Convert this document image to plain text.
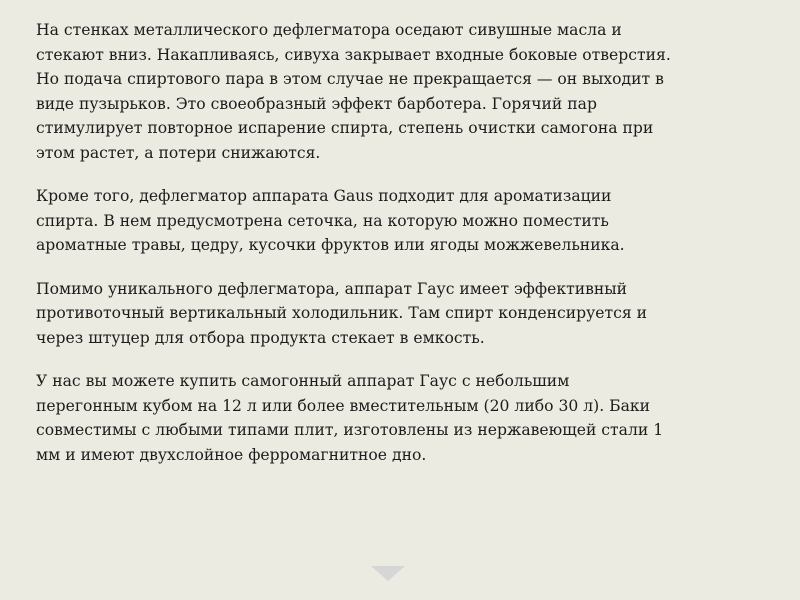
На стенках металлического дефлегматора оседают сивушные масла и
стекают вниз. Накапливаясь, сивуха закрывает входные боковые отверстия.
Но подача спиртового пара в этом случае не прекращается — он выходит в
виде пузырьков. Это своеобразный эффект барботера. Горячий пар
стимулирует повторное испарение спирта, степень очистки самогона при
этом растет, а потери снижаются.

Кроме того, дефлегматор аппарата Gaus подходит для ароматизации
спирта. В нем предусмотрена сеточка, на которую можно поместить
ароматные травы, цедру, кусочки фруктов или ягоды можжевельника.

Помимо уникального дефлегматора, аппарат Гаус имеет эффективный
противоточный вертикальный холодильник. Там спирт конденсируется и
через штуцер для отбора продукта стекает в емкость.

У нас вы можете купить самогонный аппарат Гаус с небольшим
перегонным кубом на 12 л или более вместительным (20 либо 30 л). Баки
совместимы с любыми типами плит, изготовлены из нержавеющей стали 1
мм и имеют двухслойное ферромагнитное дно.
